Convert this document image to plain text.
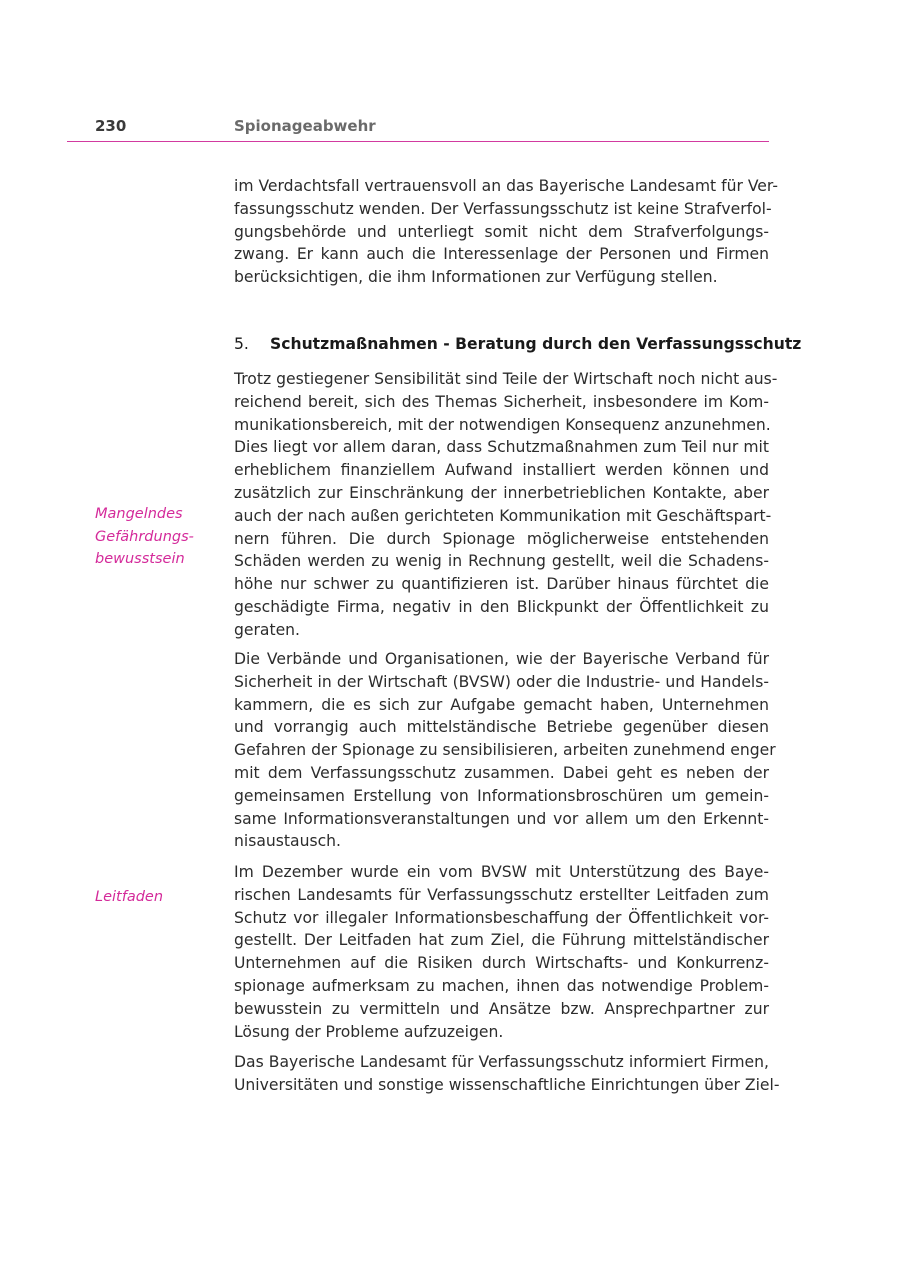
230	Spionageabwehr
im Verdachtsfall vertrauensvoll an das Bayerische Landesamt für Ver-
fassungsschutz wenden. Der Verfassungsschutz ist keine Strafverfol-
gungsbehörde und unterliegt somit nicht dem Strafverfolgungs-
zwang. Er kann auch die Interessenlage der Personen und Firmen
berücksichtigen, die ihm Informationen zur Verfügung stellen.
5. Schutzmaßnahmen - Beratung durch den Verfassungsschutz
Trotz gestiegener Sensibilität sind Teile der Wirtschaft noch nicht aus-
reichend bereit, sich des Themas Sicherheit, insbesondere im Kom-
munikationsbereich, mit der notwendigen Konsequenz anzunehmen.
Dies liegt vor allem daran, dass Schutzmaßnahmen zum Teil nur mit
erheblichem finanziellem Aufwand installiert werden können und
zusätzlich zur Einschränkung der innerbetrieblichen Kontakte, aber
auch der nach außen gerichteten Kommunikation mit Geschäftspart-
nern führen. Die durch Spionage möglicherweise entstehenden
Schäden werden zu wenig in Rechnung gestellt, weil die Schadens-
höhe nur schwer zu quantifizieren ist. Darüber hinaus fürchtet die
geschädigte Firma, negativ in den Blickpunkt der Öffentlichkeit zu
geraten.
Mangelndes
Gefährdungs-
bewusstsein
Die Verbände und Organisationen, wie der Bayerische Verband für
Sicherheit in der Wirtschaft (BVSW) oder die Industrie- und Handels-
kammern, die es sich zur Aufgabe gemacht haben, Unternehmen
und vorrangig auch mittelständische Betriebe gegenüber diesen
Gefahren der Spionage zu sensibilisieren, arbeiten zunehmend enger
mit dem Verfassungsschutz zusammen. Dabei geht es neben der
gemeinsamen Erstellung von Informationsbroschüren um gemein-
same Informationsveranstaltungen und vor allem um den Erkennt-
nisaustausch.
Im Dezember wurde ein vom BVSW mit Unterstützung des Baye-
rischen Landesamts für Verfassungsschutz erstellter Leitfaden zum
Schutz vor illegaler Informationsbeschaffung der Öffentlichkeit vor-
gestellt. Der Leitfaden hat zum Ziel, die Führung mittelständischer
Unternehmen auf die Risiken durch Wirtschafts- und Konkurrenz-
spionage aufmerksam zu machen, ihnen das notwendige Problem-
bewusstein zu vermitteln und Ansätze bzw. Ansprechpartner zur
Lösung der Probleme aufzuzeigen.
Leitfaden
Das Bayerische Landesamt für Verfassungsschutz informiert Firmen,
Universitäten und sonstige wissenschaftliche Einrichtungen über Ziel-
